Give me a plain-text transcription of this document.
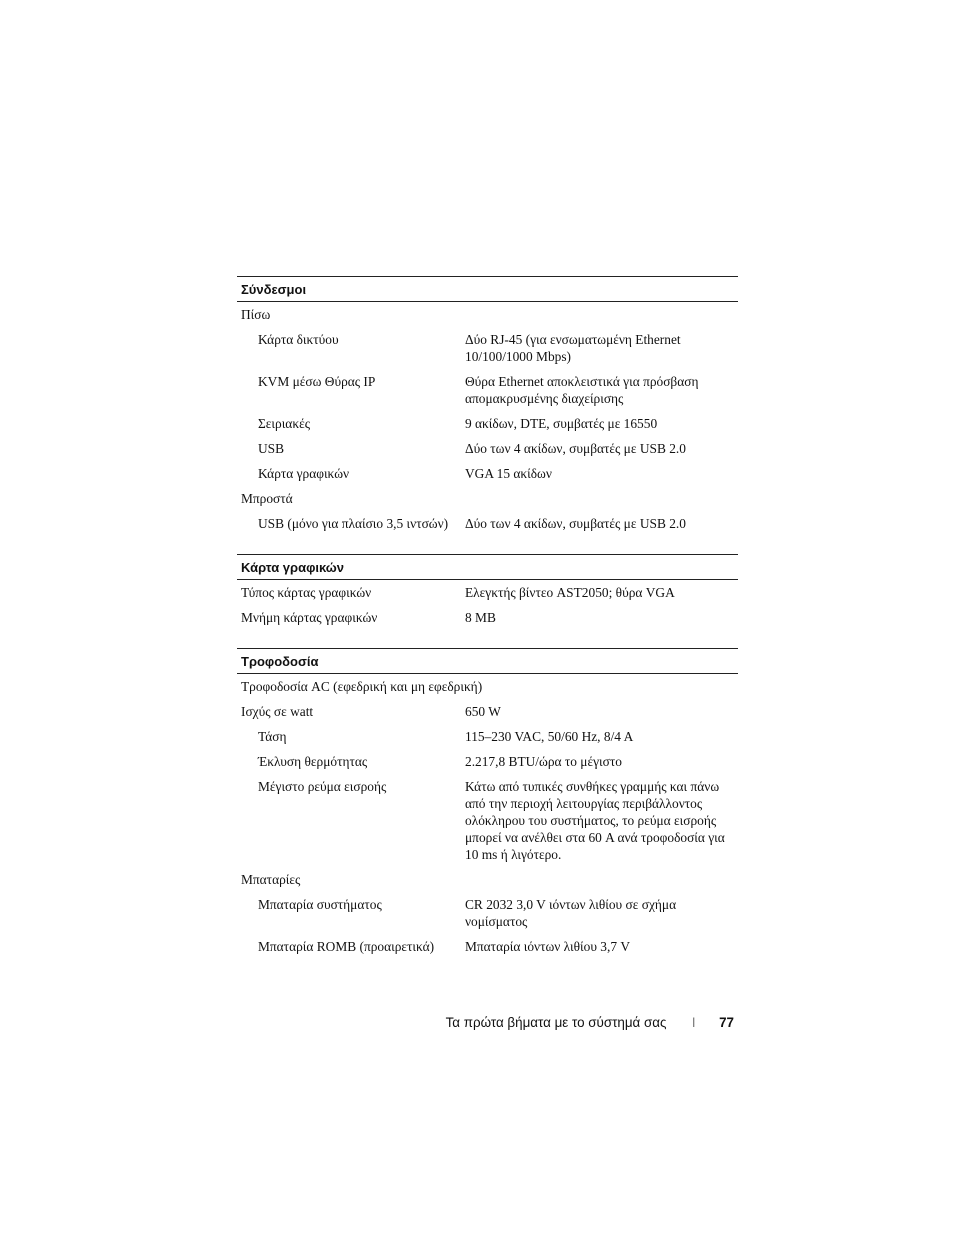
Σύνδεσμοι
Πίσω
Κάρτα δικτύου	Δύο RJ-45 (για ενσωματωμένη Ethernet 10/100/1000 Mbps)
KVM μέσω Θύρας IP	Θύρα Ethernet αποκλειστικά για πρόσβαση απομακρυσμένης διαχείρισης
Σειριακές	9 ακίδων, DTE, συμβατές με 16550
USB	Δύο των 4 ακίδων, συμβατές με USB 2.0
Κάρτα γραφικών	VGA 15 ακίδων
Μπροστά
USB (μόνο για πλαίσιο 3,5 ιντσών)	Δύο των 4 ακίδων, συμβατές με USB 2.0
Κάρτα γραφικών
Τύπος κάρτας γραφικών	Ελεγκτής βίντεο AST2050; θύρα VGA
Μνήμη κάρτας γραφικών	8 MB
Τροφοδοσία
Τροφοδοσία AC (εφεδρική και μη εφεδρική)
Ισχύς σε watt	650 W
Τάση	115–230 VAC, 50/60 Hz, 8/4 A
Έκλυση θερμότητας	2.217,8 BTU/ώρα το μέγιστο
Μέγιστο ρεύμα εισροής	Κάτω από τυπικές συνθήκες γραμμής και πάνω από την περιοχή λειτουργίας περιβάλλοντος ολόκληρου του συστήματος, το ρεύμα εισροής μπορεί να ανέλθει στα 60 A ανά τροφοδοσία για 10 ms ή λιγότερο.
Μπαταρίες
Μπαταρία συστήματος	CR 2032 3,0 V ιόντων λιθίου σε σχήμα νομίσματος
Μπαταρία ROMB (προαιρετικά)	Μπαταρία ιόντων λιθίου 3,7 V
Τα πρώτα βήματα με το σύστημά σας	| 77
